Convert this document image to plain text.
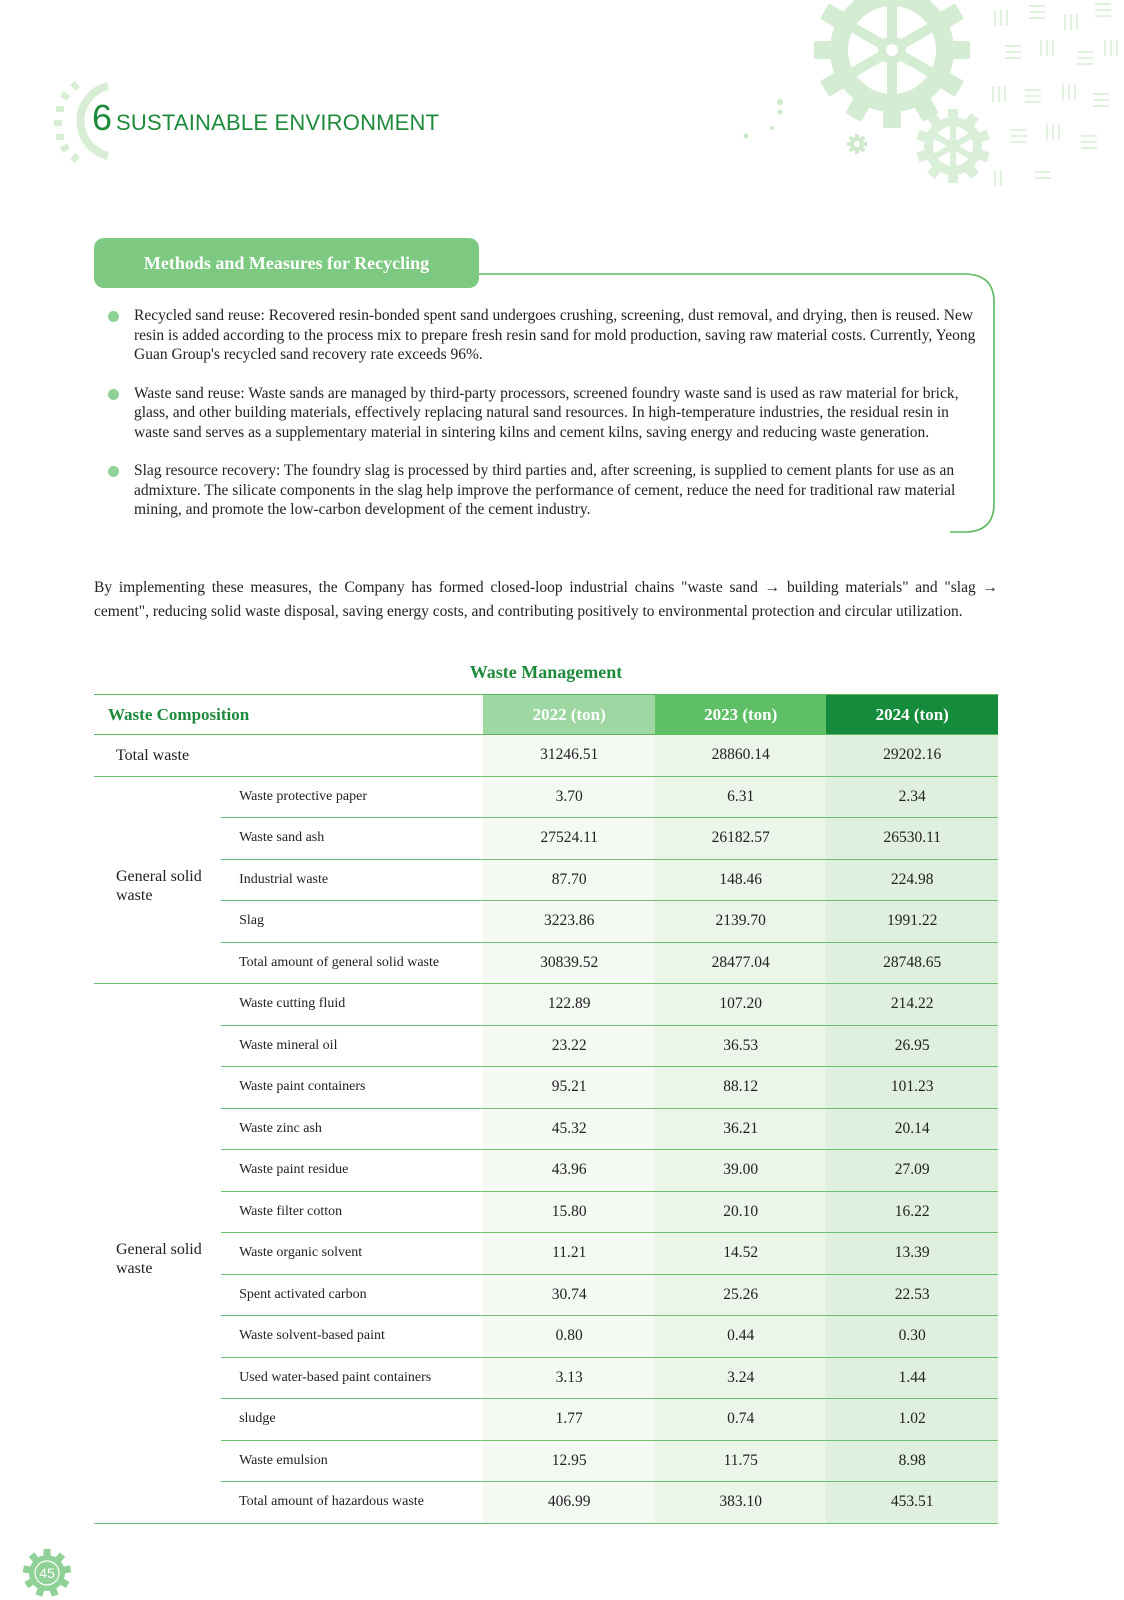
6 SUSTAINABLE ENVIRONMENT
Methods and Measures for Recycling
Recycled sand reuse: Recovered resin-bonded spent sand undergoes crushing, screening, dust removal, and drying, then is reused. New resin is added according to the process mix to prepare fresh resin sand for mold production, saving raw material costs. Currently, Yeong Guan Group's recycled sand recovery rate exceeds 96%.
Waste sand reuse: Waste sands are managed by third-party processors, screened foundry waste sand is used as raw material for brick, glass, and other building materials, effectively replacing natural sand resources. In high-temperature industries, the residual resin in waste sand serves as a supplementary material in sintering kilns and cement kilns, saving energy and reducing waste generation.
Slag resource recovery: The foundry slag is processed by third parties and, after screening, is supplied to cement plants for use as an admixture. The silicate components in the slag help improve the performance of cement, reduce the need for traditional raw material mining, and promote the low-carbon development of the cement industry.

By implementing these measures, the Company has formed closed-loop industrial chains "waste sand → building materials" and "slag → cement", reducing solid waste disposal, saving energy costs, and contributing positively to environmental protection and circular utilization.

Waste Management
Waste Composition		2022 (ton)	2023 (ton)	2024 (ton)
Total waste		31246.51	28860.14	29202.16
General solid waste	Waste protective paper	3.70	6.31	2.34
	Waste sand ash	27524.11	26182.57	26530.11
	Industrial waste	87.70	148.46	224.98
	Slag	3223.86	2139.70	1991.22
	Total amount of general solid waste	30839.52	28477.04	28748.65
General solid waste	Waste cutting fluid	122.89	107.20	214.22
	Waste mineral oil	23.22	36.53	26.95
	Waste paint containers	95.21	88.12	101.23
	Waste zinc ash	45.32	36.21	20.14
	Waste paint residue	43.96	39.00	27.09
	Waste filter cotton	15.80	20.10	16.22
	Waste organic solvent	11.21	14.52	13.39
	Spent activated carbon	30.74	25.26	22.53
	Waste solvent-based paint	0.80	0.44	0.30
	Used water-based paint containers	3.13	3.24	1.44
	sludge	1.77	0.74	1.02
	Waste emulsion	12.95	11.75	8.98
	Total amount of hazardous waste	406.99	383.10	453.51
45
